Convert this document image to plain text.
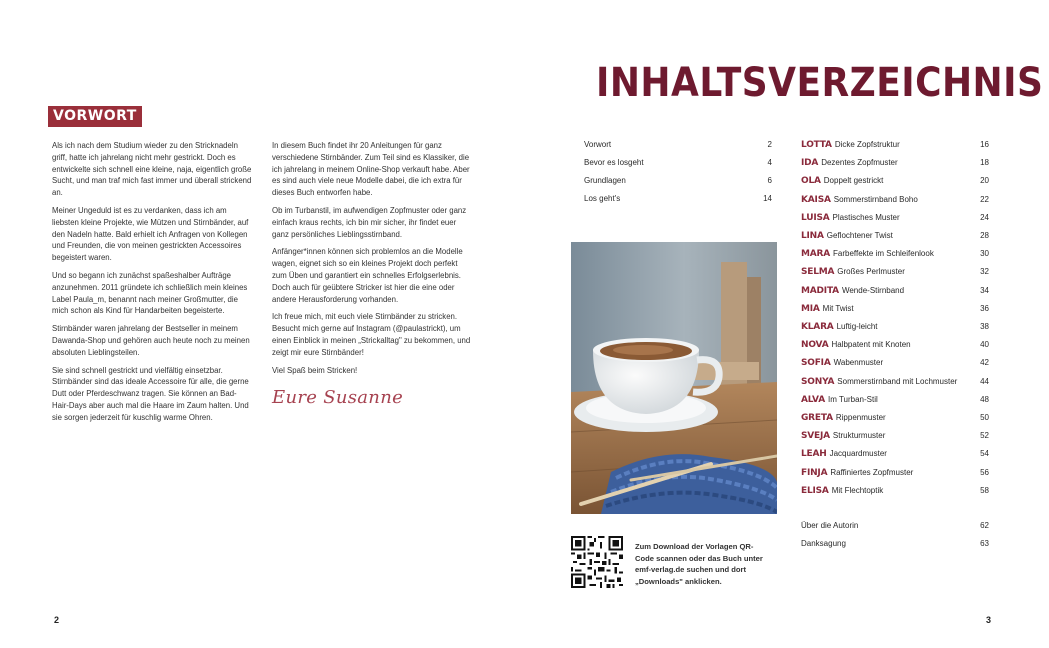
VORWORT

Als ich nach dem Studium wieder zu den Stricknadeln griff, hatte ich jahrelang nicht mehr gestrickt. Doch es entwickelte sich schnell eine kleine, naja, eigentlich große Sucht, und man traf mich fast immer und überall strickend an.

Meiner Ungeduld ist es zu verdanken, dass ich am liebsten kleine Projekte, wie Mützen und Stirnbänder, auf den Nadeln hatte. Bald erhielt ich Anfragen von Kollegen und Freunden, die von meinen gestrickten Accessoires begeistert waren.

Und so begann ich zunächst spaßeshalber Aufträge anzunehmen. 2011 gründete ich schließlich mein kleines Label Paula_m, benannt nach meiner Großmutter, die mich schon als Kind für Handarbeiten begeisterte.

Stirnbänder waren jahrelang der Bestseller in meinem Dawanda-Shop und gehören auch heute noch zu meinen absoluten Lieblingsteilen.

Sie sind schnell gestrickt und vielfältig einsetzbar. Stirnbänder sind das ideale Accessoire für alle, die gerne Dutt oder Pferdeschwanz tragen. Sie können an Bad-Hair-Days aber auch mal die Haare im Zaum halten. Und sie sorgen jederzeit für kuschlig warme Ohren.

In diesem Buch findet ihr 20 Anleitungen für ganz verschiedene Stirnbänder. Zum Teil sind es Klassiker, die ich jahrelang in meinem Online-Shop verkauft habe. Aber es sind auch viele neue Modelle dabei, die ich extra für dieses Buch entworfen habe.

Ob im Turbanstil, im aufwendigen Zopfmuster oder ganz einfach kraus rechts, ich bin mir sicher, ihr findet euer ganz persönliches Lieblingsstirnband.

Anfänger*innen können sich problemlos an die Modelle wagen, eignet sich so ein kleines Projekt doch perfekt zum Üben und garantiert ein schnelles Erfolgserlebnis. Doch auch für geübtere Stricker ist hier die eine oder andere Herausforderung vorhanden.

Ich freue mich, mit euch viele Stirnbänder zu stricken. Besucht mich gerne auf Instagram (@paulastrickt), um einen Einblick in meinen „Strickalltag" zu bekommen, und zeigt mir eure Stirnbänder!

Viel Spaß beim Stricken!

Eure Susanne
2
INHALTSVERZEICHNIS
Vorwort	2
Bevor es losgeht	4
Grundlagen	6
Los geht's	14
LOTTA Dicke Zopfstruktur	16
IDA Dezentes Zopfmuster	18
OLA Doppelt gestrickt	20
KAISA Sommerstirnband Boho	22
LUISA Plastisches Muster	24
LINA Geflochtener Twist	28
MARA Farbeffekte im Schleifenlook	30
SELMA Großes Perlmuster	32
MADITA Wende-Stirnband	34
MIA Mit Twist	36
KLARA Luftig-leicht	38
NOVA Halbpatent mit Knoten	40
SOFIA Wabenmuster	42
SONYA Sommerstirnband mit Lochmuster	44
ALVA Im Turban-Stil	48
GRETA Rippenmuster	50
SVEJA Strukturmuster	52
LEAH Jacquardmuster	54
FINJA Raffiniertes Zopfmuster	56
ELISA Mit Flechtoptik	58
Über die Autorin	62
Danksagung	63
Zum Download der Vorlagen QR-Code scannen oder das Buch unter emf-verlag.de suchen und dort „Downloads" anklicken.
3
